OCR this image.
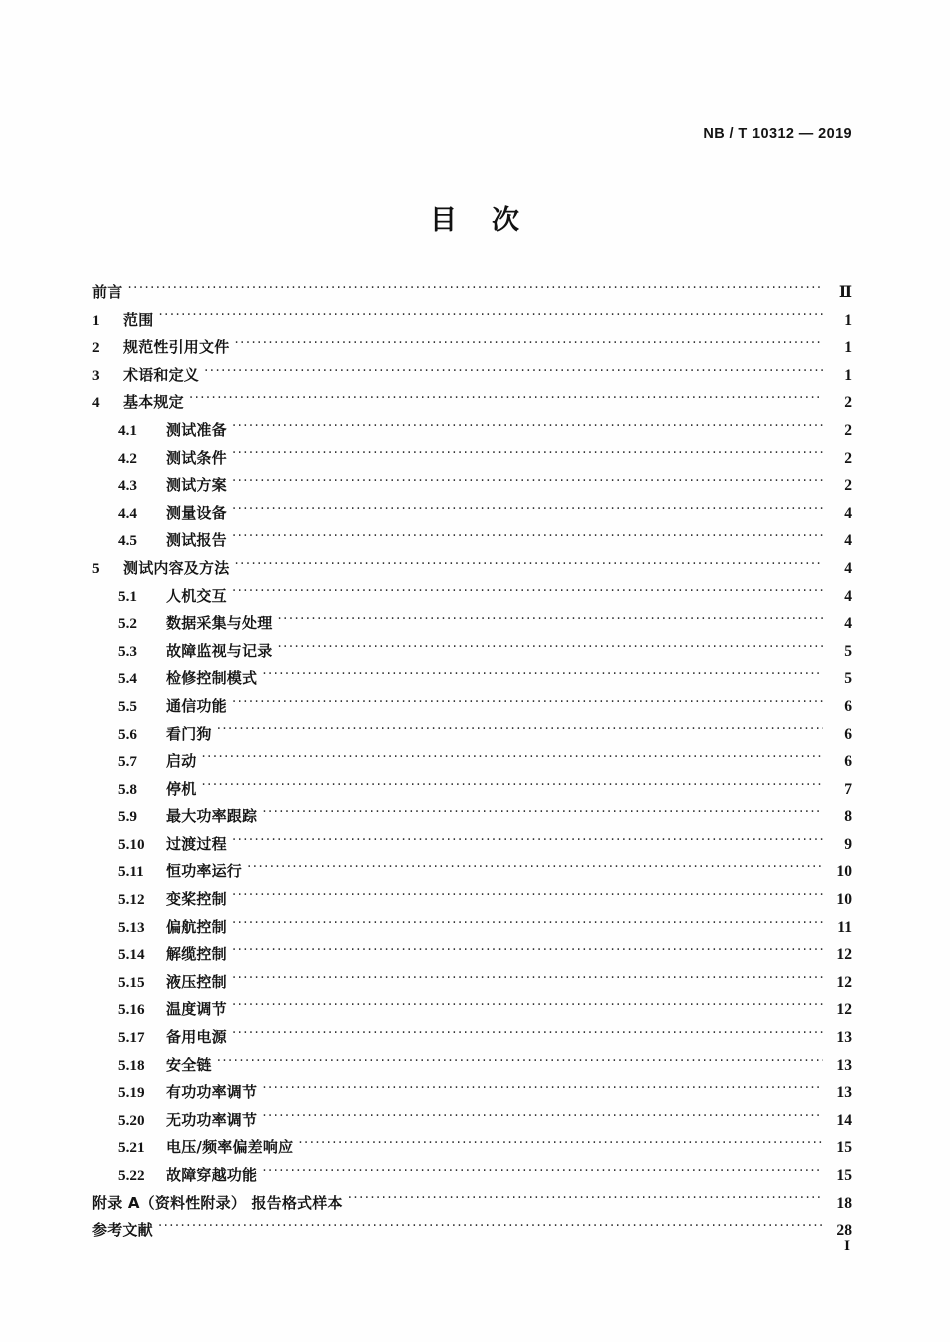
NB / T 10312 — 2019
目 次
前言 ·····	Ⅱ
1	范围 ·····	1
2	规范性引用文件 ·····	1
3	术语和定义 ·····	1
4	基本规定 ·····	2
4.1	测试准备 ·····	2
4.2	测试条件 ·····	2
4.3	测试方案 ·····	2
4.4	测量设备 ·····	4
4.5	测试报告 ·····	4
5	测试内容及方法 ·····	4
5.1	人机交互 ·····	4
5.2	数据采集与处理 ·····	4
5.3	故障监视与记录 ·····	5
5.4	检修控制模式 ·····	5
5.5	通信功能 ·····	6
5.6	看门狗 ·····	6
5.7	启动 ·····	6
5.8	停机 ·····	7
5.9	最大功率跟踪 ·····	8
5.10	过渡过程 ·····	9
5.11	恒功率运行 ·····	10
5.12	变桨控制 ·····	10
5.13	偏航控制 ·····	11
5.14	解缆控制 ·····	12
5.15	液压控制 ·····	12
5.16	温度调节 ·····	12
5.17	备用电源 ·····	13
5.18	安全链 ·····	13
5.19	有功功率调节 ·····	13
5.20	无功功率调节 ·····	14
5.21	电压/频率偏差响应 ·····	15
5.22	故障穿越功能 ·····	15
附录 A（资料性附录） 报告格式样本 ·····	18
参考文献 ·····	28
I
